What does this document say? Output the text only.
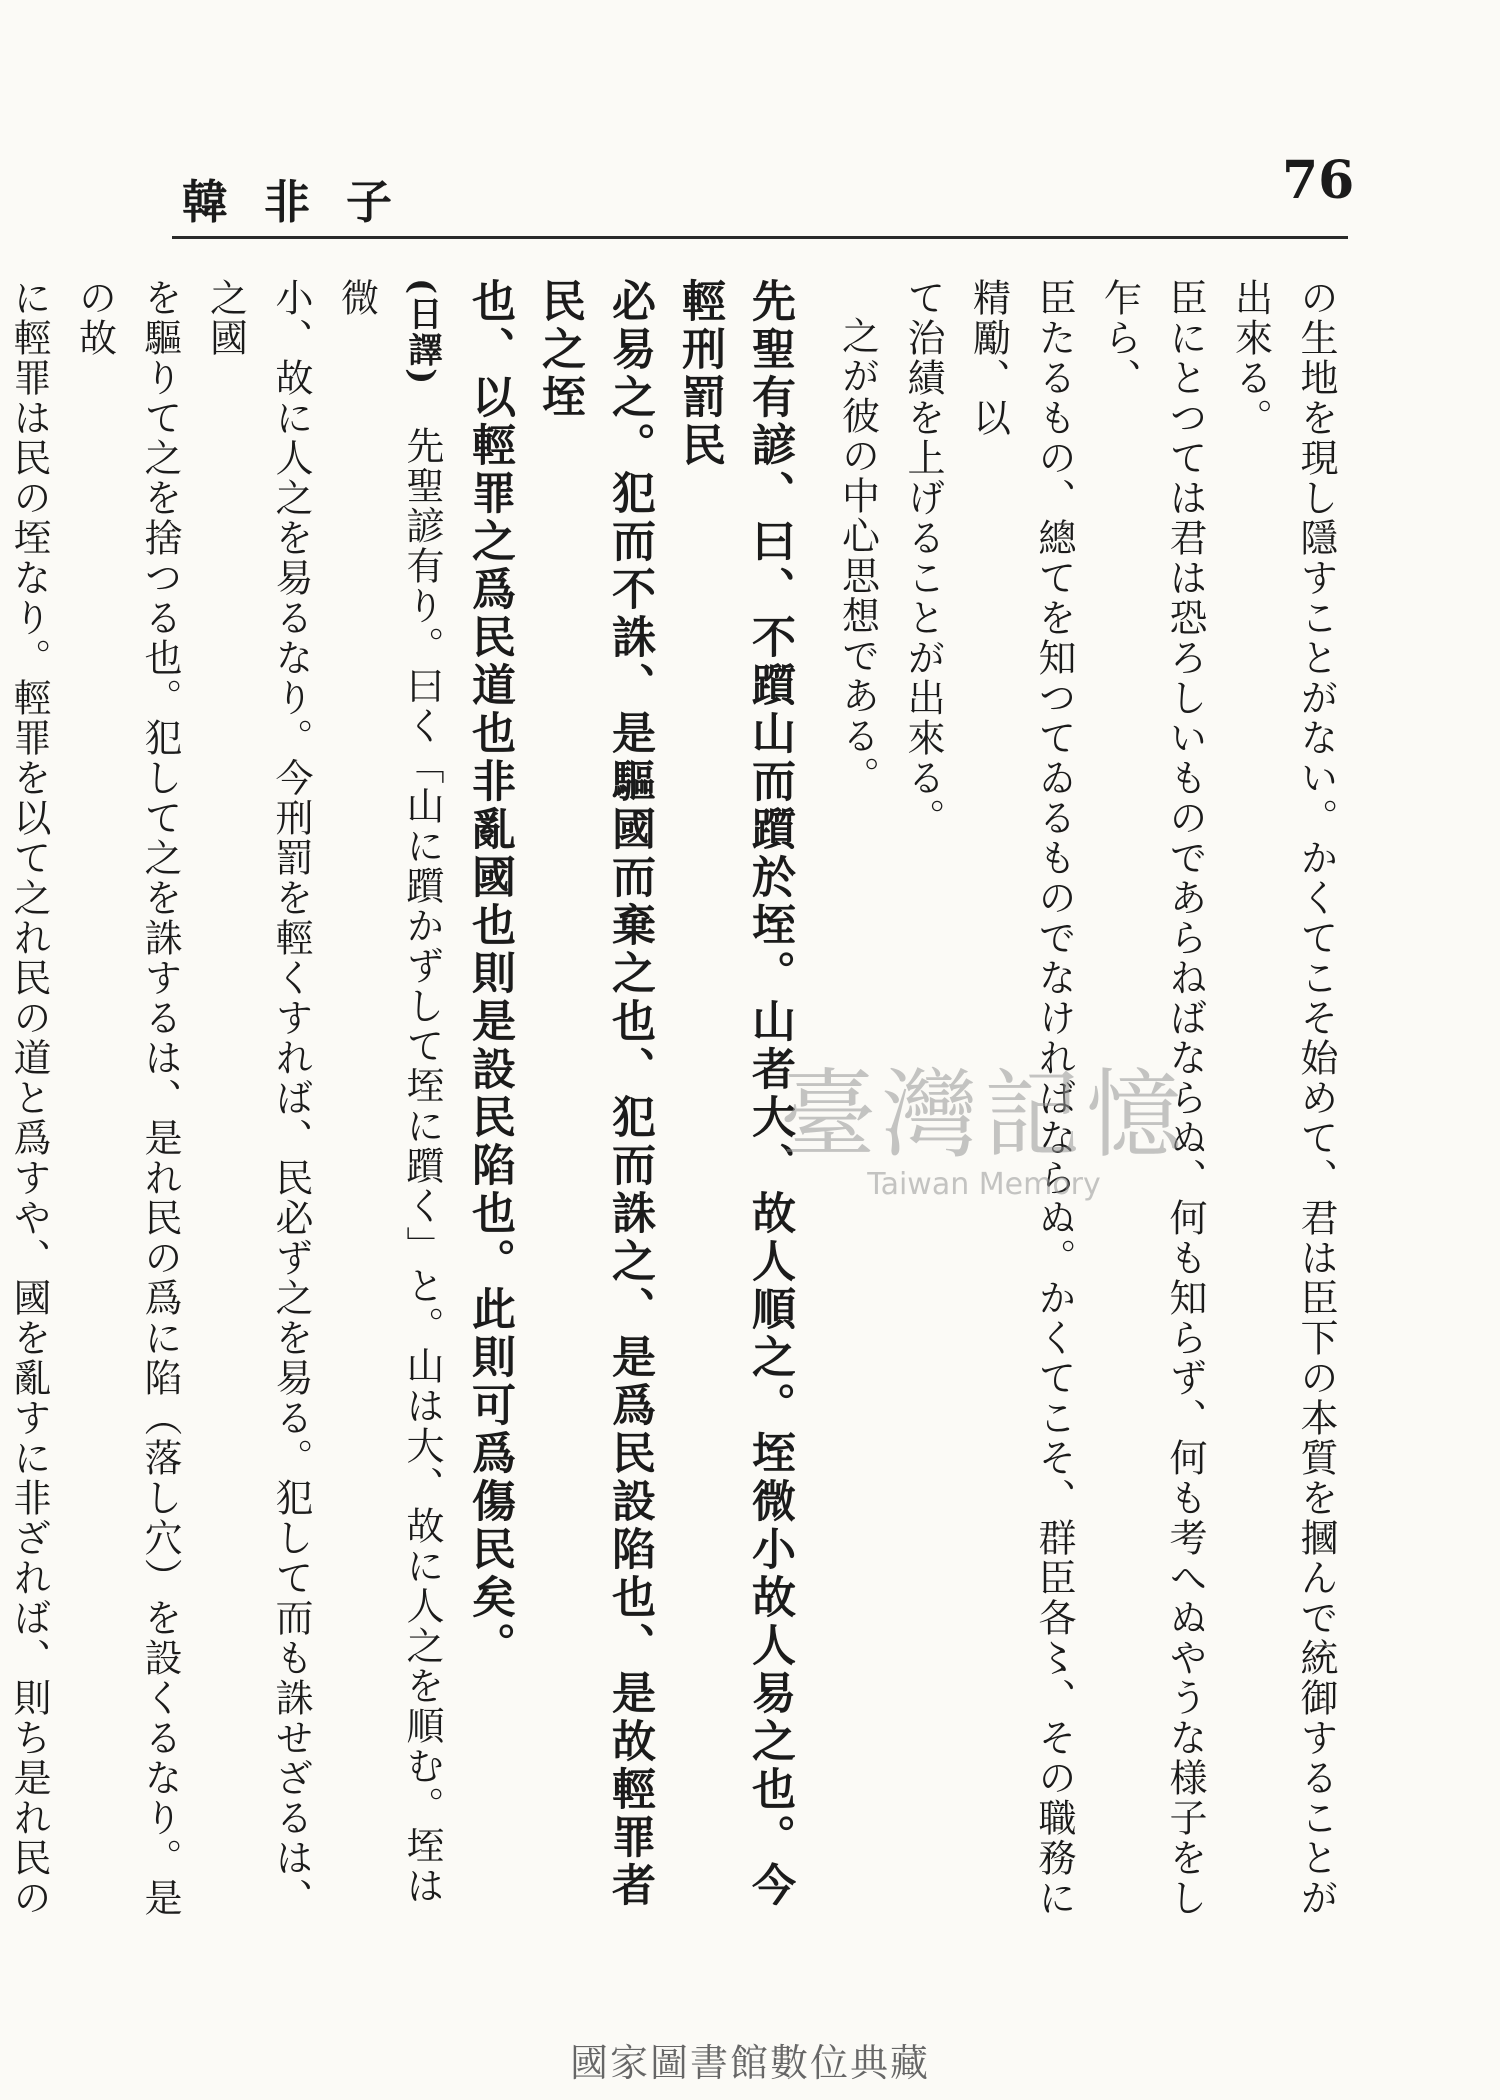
韓非子	76

の生地を現し隱すことがない。かくてこそ始めて、君は臣下の本質を摑んで統御することが出來る。

臣にとつては君は恐ろしいものであらねばならぬ、何も知らず、何も考へぬやうな様子をし乍ら、

臣たるもの、總てを知つてゐるものでなければならぬ。かくてこそ、群臣各〻、その職務に精勵、以

て治績を上げることが出來る。

之が彼の中心思想である。

先聖有諺、曰、不躓山而躓於垤。山者大、故人順之。垤微小故人易之也。今輕刑罰民

必易之。犯而不誅、是驅國而棄之也、犯而誅之、是爲民設陷也、是故輕罪者民之垤

也、以輕罪之爲民道也非亂國也則是設民陷也。此則可爲傷民矣。

(日譯)　先聖諺有り。曰く「山に躓かずして垤に躓く」と。山は大、故に人之を順む。垤は微

小、故に人之を易るなり。今刑罰を輕くすれば、民必ず之を易る。犯して而も誅せざるは、之國

を驅りて之を捨つる也。犯して之を誅するは、是れ民の爲に陷（落し穴）を設くるなり。是の故

に輕罪は民の垤なり。輕罪を以て之れ民の道と爲すや、國を亂すに非ざれば、則ち是れ民の

臺灣記憶
Taiwan Memory
國家圖書館數位典藏
